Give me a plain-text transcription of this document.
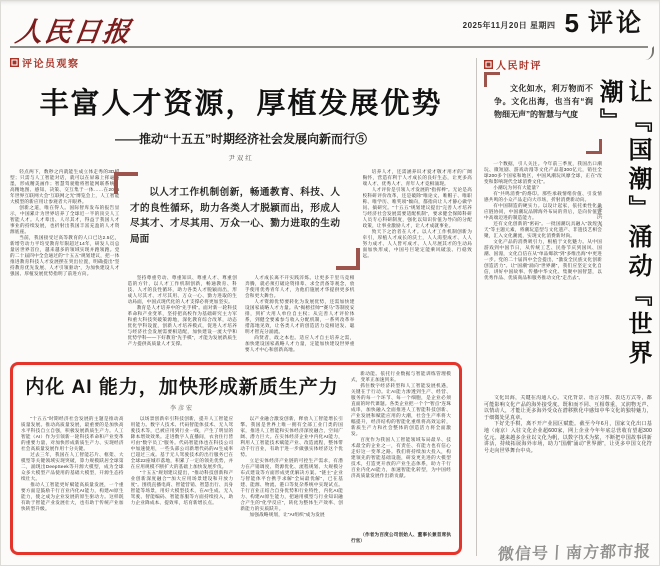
人民日报	2025年11月20日 星期四 5 评论
评论员观察
丰富人才资源，厚植发展优势
——推动“十五五”时期经济社会发展向新而行⑤
尹双红

轻点两下，数秒之内就能生成立体走秀的3D模型；只需与人工智能对话，就可以在屏幕上挥毫泼墨，形成精美画作；智慧驾驶舱将智能网联系统、高精地图、感知、决策、交互集于一体……在2025年世界互联网大会“互联网之光”博览会上，人工智能大模型的新应用让参观者大开眼界。

创新之道，唯在得人。国际智库发布的报告显示，中国累计为世界培养了全球近一半的顶尖人工智能人才。人才辈出、人尽其才，得益于我国人才事业的持续发展，也折射出我国丰富充盈的人才资源底座。

当前，我国接受过高等教育的人口已达2.5亿，新增劳动力平均受教育年限超过14年，研发人员总量居世界首位，越来越多的领域实现并跑领跑。党的二十届四中全会通过的“十五五”规划建议，把一体推进教育科技人才发展摆在突出位置，明确提出“坚持教育优先发展、人才引领驱动”，为加快建设人才强国、厚植发展优势指明了前进方向。

坚持尊重劳动、尊重知识、尊重人才、尊重创造的方针，以人才工作机制创新，畅通教育、科技、人才的良性循环，助力各类人才脱颖而出，形成人尽其才、才尽其用、万众一心、勠力进取的生动局面，中国式现代化的人才支撑必将更加坚实。

教育是人才培养中的“先手棋”。面对新一轮科技革命和产业变革，坚持把高校作为基础研究主力军和重大科技突破策源地，深化教育综合改革，动态优化学科设置，创新人才培养模式，促进人才培养与经济社会发展需要相适配，加快建设一流大学和优势学科——下好教育“先手棋”，才能为发展新质生产力提供高质量人才支撑。

人才成长离不开实践淬炼。让更多千里马竞相奔腾，就必须打破论资排辈、求全责备等观念，放手使用优秀青年人才，为他们施展才华提供更多机会和更大舞台。

人才资源优势要转化为发展优势，还需加快建设国家战略人才力量。从“揭榜挂帅”“赛马”等制度安排，到扩大用人单位自主权；从完善人才评价体系，到健全要素参与收入分配机制，一系列改革举措落地见效，让各类人才的创造活力竞相迸发、聪明才智充分涌流。

尚贤者，政之本也。适应人才自主培养之需，加快建设国家战略人才力量，定能加快建设世界重要人才中心和创新高地。

培养人才，还需涵养识才爱才敬才用才的广阔胸怀，营造有利于人才成长的良好生态，让更多高端人才、优秀人才、青年人才竞相涌现。

人才评价是引领人才发展的“指挥棒”。无论是高校科研评价改革，还是破除“唯论文、唯帽子、唯职称、唯学历、唯奖项”倾向，都指向让人才静心做学问、搞研究。“十五五”规划建议提出“完善人才培养与经济社会发展需要适配机制”，要求健全保障科研人员专心科研制度，强化以知识价值为导向的分配政策，让事业激励人才，让人才成就事业。

致天下之治者在人才。以人才工作机制创新为牵引，厚植人才成长的沃土，人人渴望成才、人人努力成才、人人皆可成才、人人尽展其才的生动局面加快形成，中国号巨轮定能乘风破浪、行稳致远。

以人才工作机制创新，畅通教育、科技、人才的良性循环，助力各类人才脱颖而出，形成人尽其才、才尽其用、万众一心、勠力进取的生动局面
内化 AI 能力，加快形成新质生产力
李彦宏

“十五五”时期经济社会发展的主题是推动高质量发展。推动高质量发展，最重要的是加快高水平科技自立自强，积极发展新质生产力。人工智能（AI）作为引领新一轮科技革命和产业变革的重要力量，对加快形成新质生产力、实现经济社会高质量发展作用十分关键。

过去三年，我国在人工智能芯片、框架、大模型等关键领域实现突破，算力规模跃居全球第二，涌现出DeepSeek等开源大模型，成为全球众多大模型产品使用的基础大模型，开源生态持续壮大。

推动人工智能更好赋能高质量发展，一个重要方面是鼓励千行百业内化AI能力，构建AI原生能力，使之成为企业发展的原生驱动力。这样既有助于智能产业发展壮大，也有助于传统产业加快转型升级。

以场景创新牵引科技创新，提升人工智能应用能力。数字人技术、代码智能体技术、无人驾驶技术等，已被应用到行业一线，产生了明显的降本增效效果。走进数字人直播间，衣食住行皆可由“数字员工”服务。代码智能体也在科技公司中加速使用，一些头部公司新增代码的AI生成率已超过三成。基于无人驾驶技术的出行服务已在全球22座城市落地，积累了一定的领先优势，并在应用规模不断扩大的基础上加快发展步伐。

“十五五”规划建议提出，“推动科技创新和产业创新深度融合”“加大应用场景建设和开放力度”。围绕直播电商、智能营销、智慧出行、具身智能等场景，用好大模型技术，在AI生成、无人驾驶、智能编码、智能客服等方面持续投入，助力企业降成本、提效率，培育新增长点。

以产业融合激发创新，释放人工智能增长引擎。我国是世界上唯一拥有全部工业门类的国家，推进人工智能和实体经济深度融合，空间广阔、潜力巨大。在实体经济企业中内化AI能力，利用人工智能技术赋能产业、改造流程，整体带动千行百业，有助于进一步做强实体经济这个优势。

立足实体经济产业链的可控生产需求，有潜力在产销调度、资源优化、流程规划、大规模分布式建设等方面形成更优解决方案。“链主”企业与智能体平台携手求解“全局最优解”，已在基建、能源、物流、港口等复杂系统中实现试点。千行百业正结合自身优势和行业特性，内化AI能力、构建AI原生能力，把通用模型与行业知识融合产生的“化学反应”，转化为整体生产效率、创新能力的实质跃升。

加强战略规划，让“AI组织”成为发展

新动能。依托行业数据与智能训练管理模式，变革正加速到来。

抓住数字经济转型和人工智能发展机遇，关键在于行动。让AI能力渗透到生产、经营、服务的每一个环节、每一个细胞，是企业必须直面的时代课题。各类企业把一个个“智点”连珠成串，加快融入全面推进人工智能科技创新、产业发展和赋能应用的大潮，社会生产率将大幅提升，经济结构的智能化重组将高效运转，新质生产力和社会整体的创造活力将全面激发。

百度作为我国人工智能领域布局最早、技术最全的企业之一，有责任、有能力也有信心走好这一变革之路。我们将持续加大投入，构建领先的智能基础设施，研发更先进的大模型技术，打造更开放的产业生态体系，助力千行百业内化AI能力，加速智能化转型，为中国经济高质量发展作出新贡献。

（作者为百度公司创始人、董事长兼首席执行官）

人民时评
文化如水，利万物而不争。文化出海，也当有“润物细无声”的智慧与气度

一个数据，引人关注。今年前三季度，我国出口潮玩、微短剧、游戏动漫等文化产品超300亿元，销往全球200多个国家和地区，中国风潮玩风靡全球，正在“改变和影响现代全球消费文化”。

小潮玩为何有大能量？

有“共鸣消费”的烙印。那些承载情绪价值、引发情感共鸣的小众产品走向大市场，折射消费新动向。

有中国制造的硬实力。以设计起家，依托柔性化供应链协同，中国潮玩品牌海外布局的背后，是向价值链中高端迈进的制造能力。

还有文化创新的“密码”。一批国潮玩具融入“敦煌飞天”等主题元素，将潮玩造型与文化遗产、非遗技艺相会聚，汇入文化潮流，实现文化消费新时尚。

文化产品的消费吸引力，根植于文化魅力。从中国游戏到中国节日，从传统工艺、民俗节庆到国风、国潮、国漫，文化自信在从“单品爆款”到“多维出海”中更进一步。党的二十届四中全会提出，“激发全民族文化创新创造活力”。让“国潮”涌向“世界潮”，我们应坚定文化自信，讲好中国故事、传播中华文化、集聚中国智慧，以优秀作品、优质商品和服务推动文化“走出去”。

李洪兴 让﹃国潮﹄涌动﹃世界潮﹄

文化出海，关键在沟通人心。文化背景、语言习惯、表达方式等，都可能影响文化产品的海外接受度。既和而不同、互相尊重，又润物无声、以情动人，才能让更多海外受众在潜移默化中感知中华文化的独特魅力，于细微处见真章。

下好先手棋，离不开产业园区赋能。截至今年6月，国家文化出口基地（南京）入驻文化企业超600家，网上企业今年年底总营收有望超300亿元。越来越多企业以文化为帆，以数字技术为桨，不断把中国故事讲新讲活，持续拓展海外市场，助力“国潮”涌动“世界潮”，让更多中国文化符号走向世界舞台中央。

微信号丨南方都市报
